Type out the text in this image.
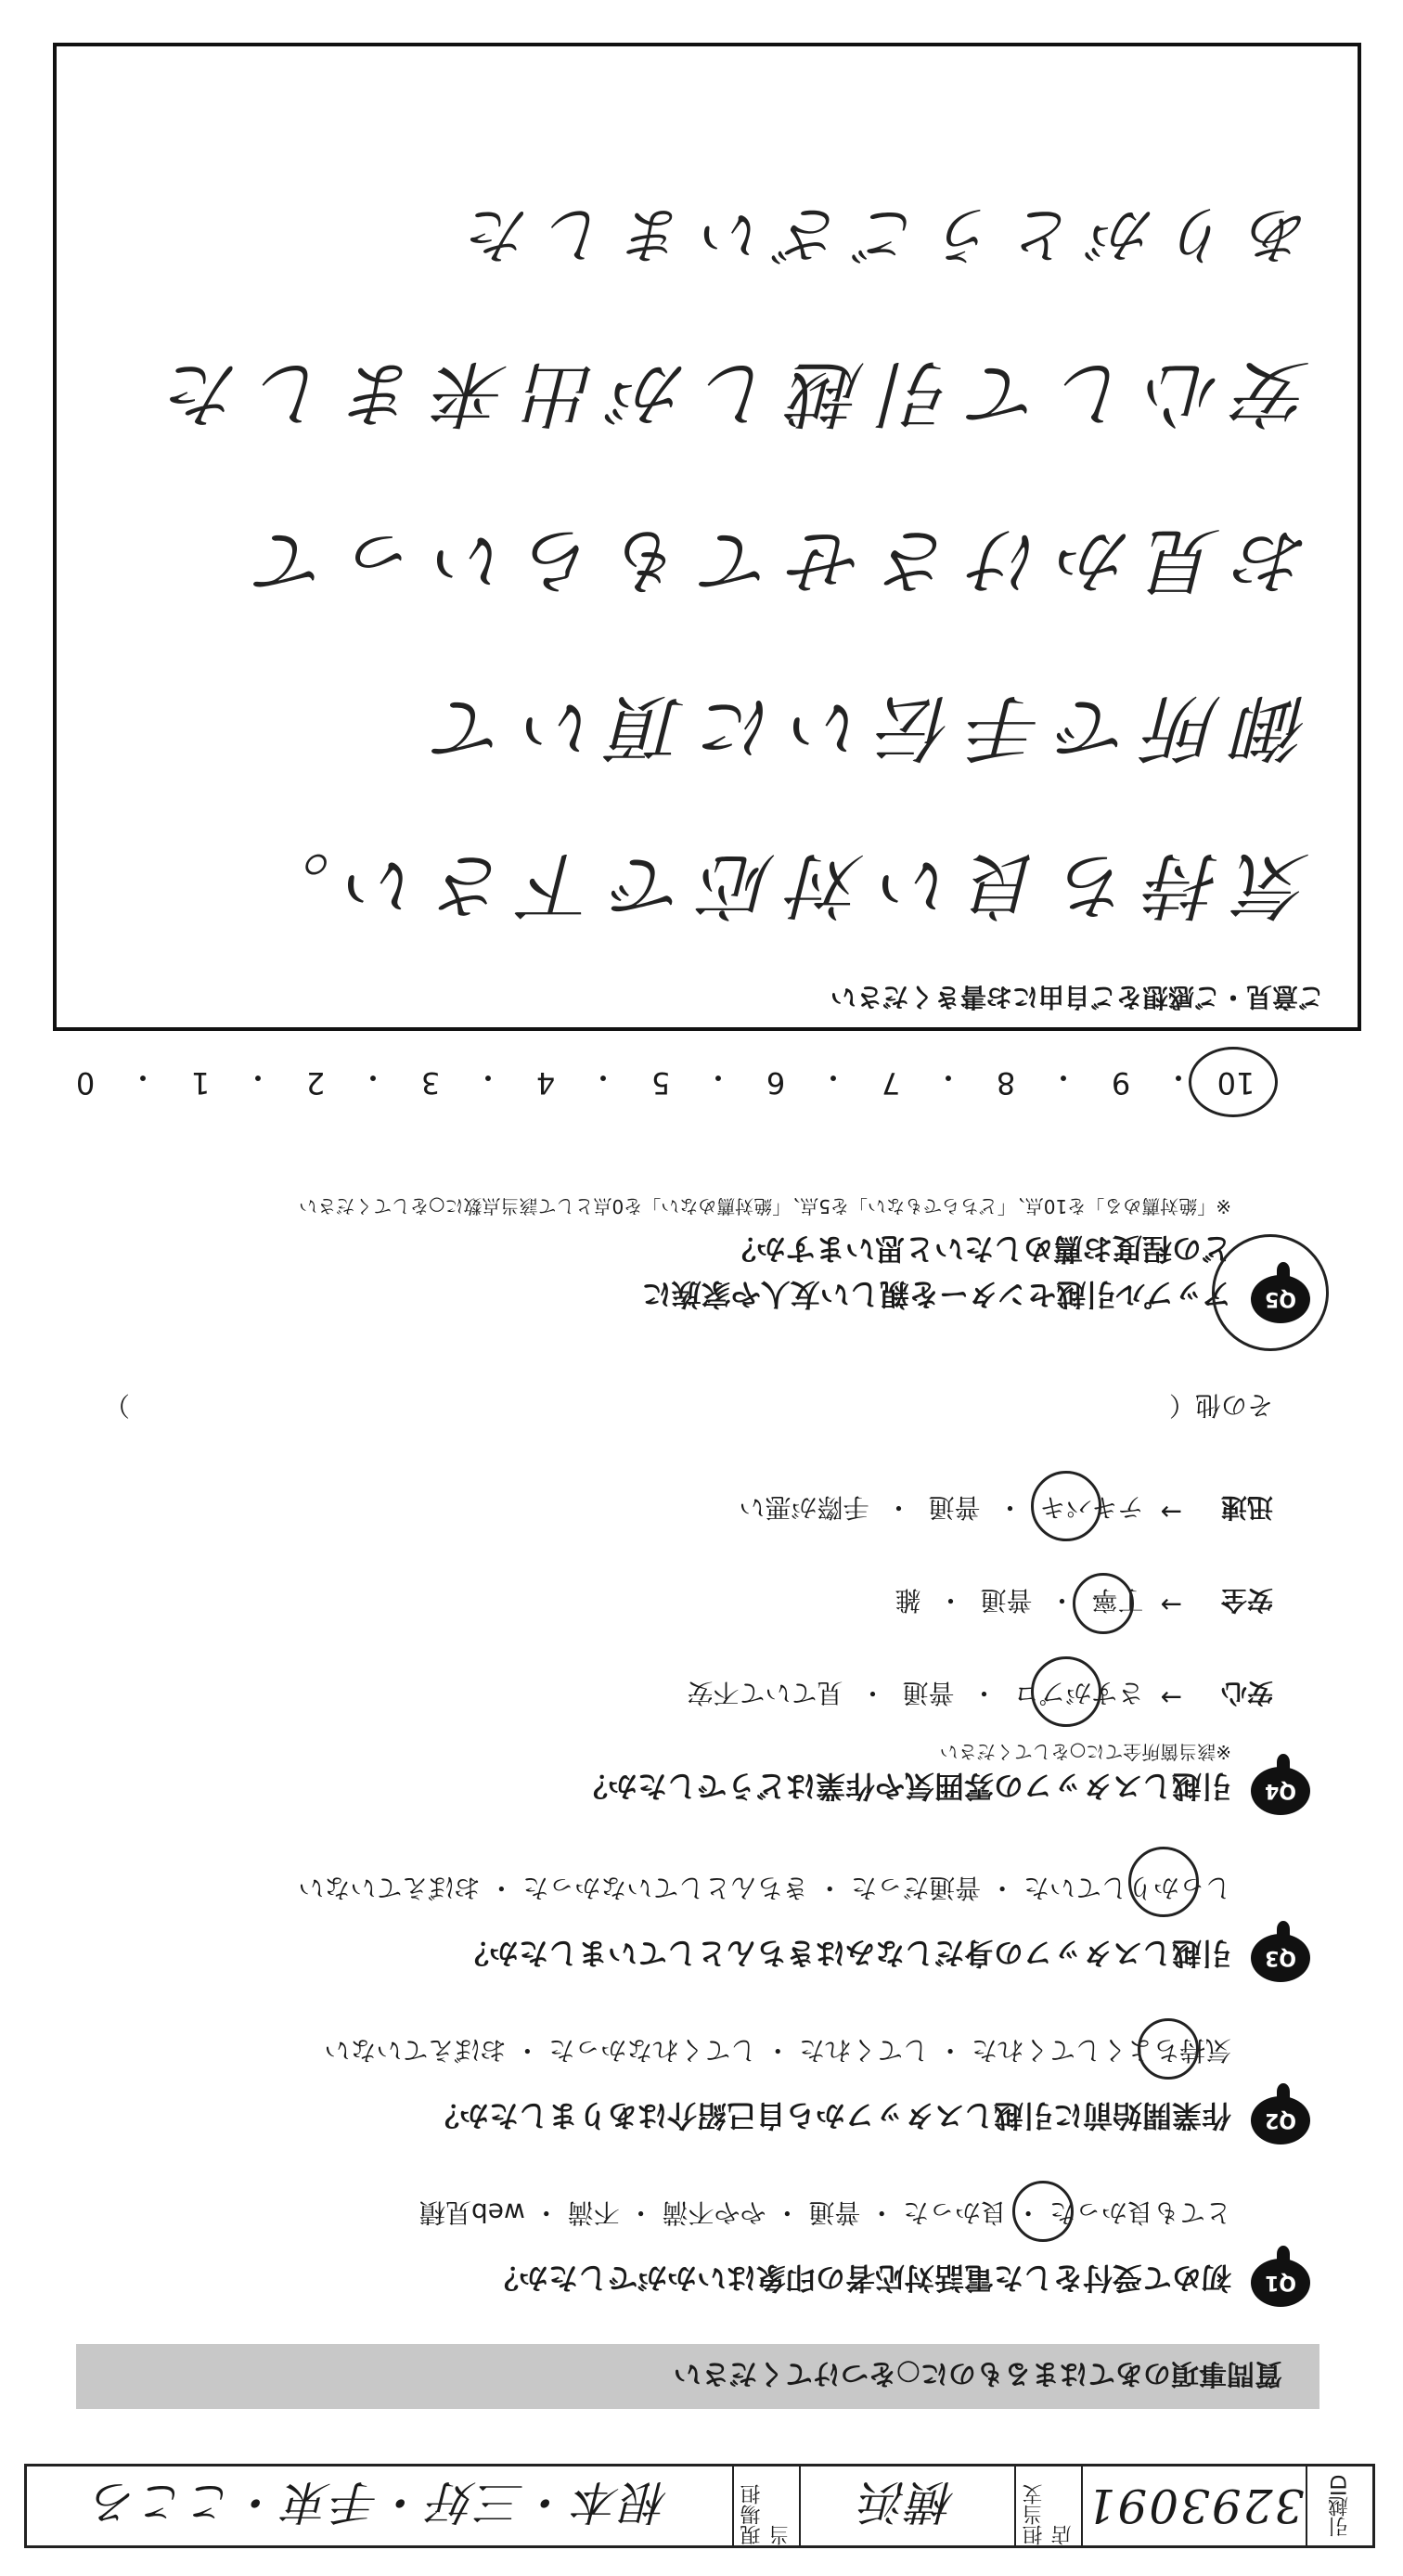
引越ID
3293091
担当支店
横浜
現場担当
根本・三好・手束・こころ
質問事項のあてはまるものに○をつけてください
Q1
初めて受付をした電話対応者の印象はいかがでしたか？
とても良かった ・ 良かった ・ 普通 ・ やや不満 ・ 不満 ・ web見積
Q2
作業開始前に引越しスタッフから自己紹介はありましたか？
気持ちよくしてくれた ・ してくれた ・ してくれなかった ・ おぼえていない
Q3
引越しスタッフの身だしなみはきちんとしていましたか？
しっかりしていた ・ 普通だった ・ きちんとしていなかった ・ おぼえていない
Q4
引越しスタッフの雰囲気や作業はどうでしたか？
※該当箇所全てに○をしてください
安心
→
さすがプロ
・
普通
・
見ていて不安
安全
→
丁寧
・
普通
・
雑
迅速
→
テキパキ
・
普通
・
手際が悪い
その他（
）
Q5
アップル引越センターを親しい友人や家族に
どの程度お薦めしたいと思いますか？
※「絶対薦める」を10点、「どちらでもない」を5点、「絶対薦めない」を0点として該当点数に○をしてください
10
・
9
・
8
・
7
・
6
・
5
・
4
・
3
・
2
・
1
・
0
ご意見・ご感想をご自由にお書きください
気持ち良い対応で下さい。
御所で手伝いに頂いて
お見かけさせてもらいって
安心して引越しが出来ました
ありがとうございました
